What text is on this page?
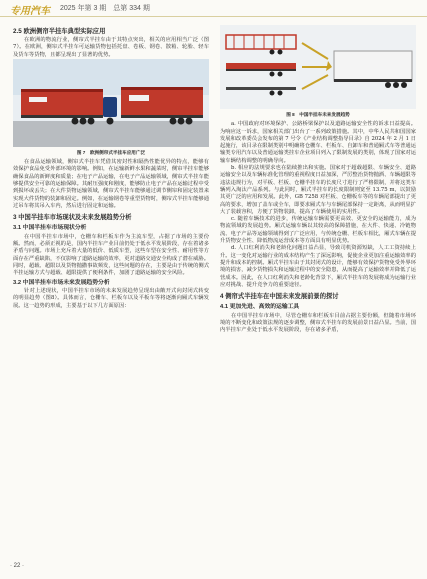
专用汽车 2025 年第 3 期　总第 334 期
2.5 欧洲侧帘半挂车典型实际应用

在欧洲的物流行业，侧帘式半挂车由于其特点突出，相关的应用相当广泛（图7）。在欧洲，侧帘式半挂车可运输货物包括托盘、卷板、钢卷、散箱、轮胎、轻车及货车等货物，且都呈现出了显著的优势。

图 7　欧洲侧帘式半挂车应用广泛

在食品运输领域，侧帘式半挂车凭借其密封性和隔热性能优异的特点，能够有效保护食品免受外部环境的影响。例如，在运输新鲜水果和蔬菜时，侧帘半挂车能够确保食品的新鲜度和质量；在电子产品运输，在电子产品运输领域，侧帘式半挂车能够提供安全可靠的运输保障。其耐压强度和刚度，能够防止电子产品在运输过程中受到损坏或丢失；在大件货物运输领域，侧帘式半挂车能够通过调节侧帘和固定装置来实现大件货物的装卸和固定。例如，在运输钢卷等重型货物时，侧帘式半挂车能够通过吊车将其吊入车内，然后进行固定和运输。

3 中国半挂车市场现状及未来发展趋势分析
3.1 中国半挂车市场现状分析

在中国半挂车市场中，仓栅车和栏板车作为主流车型，占据了市场的主要份额。然而，必须正视的是，国内半挂车产业目前仍处于低水平发展阶段，存在着诸多矛盾与问题。市场上充斥着大量的低价、低质车型，这些车型在安全性、耐用性等方面存在严重缺陷，不仅影响了道路运输的效率，更对道路交通安全构成了潜在威胁。同时，超载、超限以及货物抛撒事故频发，这些问题的存在，主要是由于传统的侧式半挂运输方式与超载、超限提供了便利条件，加剧了道路运输的安全风险。

3.2 中国半挂车市场未来发展趋势分析

针对上述现状，中国半挂车市场的未来发展趋势呈现出由敞开式向封闭式转变的明显趋势（图8）。具体而言，仓栅车、栏板车以及平板车等将逐渐向厢式车辆发展。这一趋势的形成，主要基于以下几方面原因：

图 8　中国半挂车未来发展趋势

a. 中国政府对环境保护、公路桥梁保护以及道路运输安全性的诉求日益提高。为响应这一诉求，国家相关部门出台了一系列政策措施。其中，中华人民共和国国家发展和改革委员会发布的第 7 号令《产业结构调整指导目录》自 2024 年 2 月 1 日起施行，该目录在限制类别中明确将仓栅车、栏板车、自卸车和普通厢式车等普通运输类专用汽车以及普通运输类挂车企业项目列入了限制发展的类别，体现了国家对运输车辆结构调整的明确导向。

b. 相应的法规要求也在陆续推出和实施。国家对于超载超限、车辆安全、道路运输安全以及车辆标准化管理的重视程度日益加深，严厉整治货物抛洒、车辆超限等违法违规行为，对平板、栏板、仓栅半挂车的长度尺寸进行了严格限制，并将这类车辆列入淘汰产品系列。与此同时，厢式半挂车的长度限制则宽至 13.75 m，以鼓励其更广泛的应用和发展。此外，GB 7258 对栏板、仓栅板车等的车辆尾部提出了更高的要求，增加了盖车或全车，即要求厢式车与车辆尾部保持一定距离，从而明显扩大了装载容积，方便了货物装卸，提高了车辆使用的实用性。

c. 随着车辆技术的进步，传统运输车辆需要更高效、更安全的运输能力，成为物流领域的发展趋势。厢式运输车辆以其较高的保障措施，在大件、快递、冷链物流、电子产品等运输领域得到了广泛应用，与传统仓栅、栏板车相比，厢式车辆在提升货物安全性、降低物流运营成本等方面具有明显优势。

d. 人口红利消失和老龄化问题日益凸显，导致司机资源短缺，人工工资持续上升。这一变化对运输行业的成本结构产生了深远影响，促使企业更加注重运输效率的提升和成本的控制。厢式半挂车由于其封闭式的设计，能够有效保护货物免受外界环境的损害，减少货物损失和运输过程中的安全隐患，从而提高了运输效率并降低了运营成本。因此，在人口红利消失和老龄化背景下，厢式半挂车的发展将成为运输行业应对挑战、提升竞争力的重要途径。

4 侧帘式半挂车在中国未来发展前景的探讨
4.1 更加先进、高效的运输工具

在中国半挂车市场中，尽管仓栅车和栏板车目前占据主要份额，但随着市场环境的不断变化和政策法规的逐步调整，侧帘式半挂车的发展前景日益凸显。当前，国内半挂车产业处于低水平发展阶段，存在诸多矛盾，

· 22 ·
